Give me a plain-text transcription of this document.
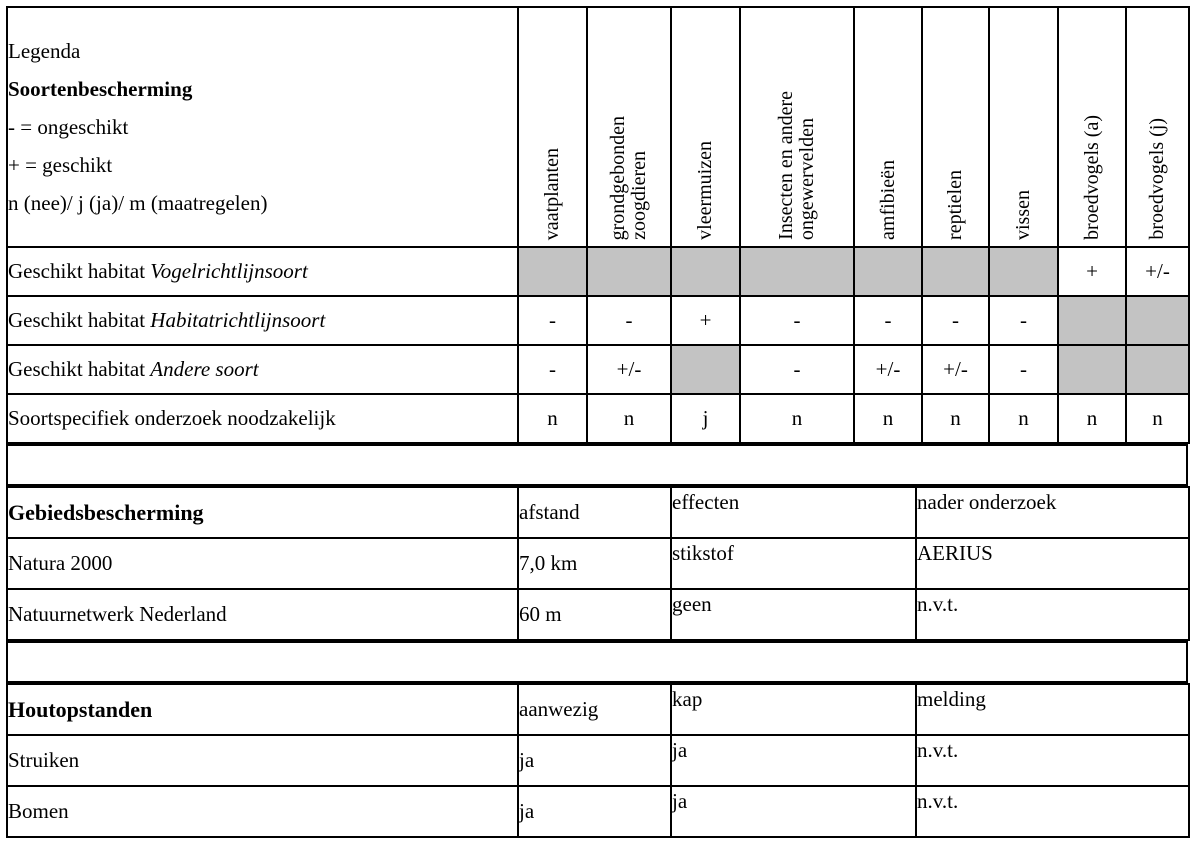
Legenda
Soortenbescherming
- = ongeschikt
+ = geschikt
n (nee)/ j (ja)/ m (maatregelen)	vaatplanten	grondgebonden zoogdieren	vleermuizen	Insecten en andere ongewervelden	amfibieën	reptielen	vissen	broedvogels (a)	broedvogels (j)

Geschikt habitat Vogelrichtlijnsoort								+	+/-
Geschikt habitat Habitatrichtlijnsoort	-	-	+	-	-	-	-		
Geschikt habitat Andere soort	-	+/-		-	+/-	+/-	-		
Soortspecifiek onderzoek noodzakelijk	n	n	j	n	n	n	n	n	n
Gebiedsbescherming	afstand	effecten	nader onderzoek
Natura 2000	7,0 km	stikstof	AERIUS
Natuurnetwerk Nederland	60 m	geen	n.v.t.
Houtopstanden	aanwezig	kap	melding
Struiken	ja	ja	n.v.t.
Bomen	ja	ja	n.v.t.
